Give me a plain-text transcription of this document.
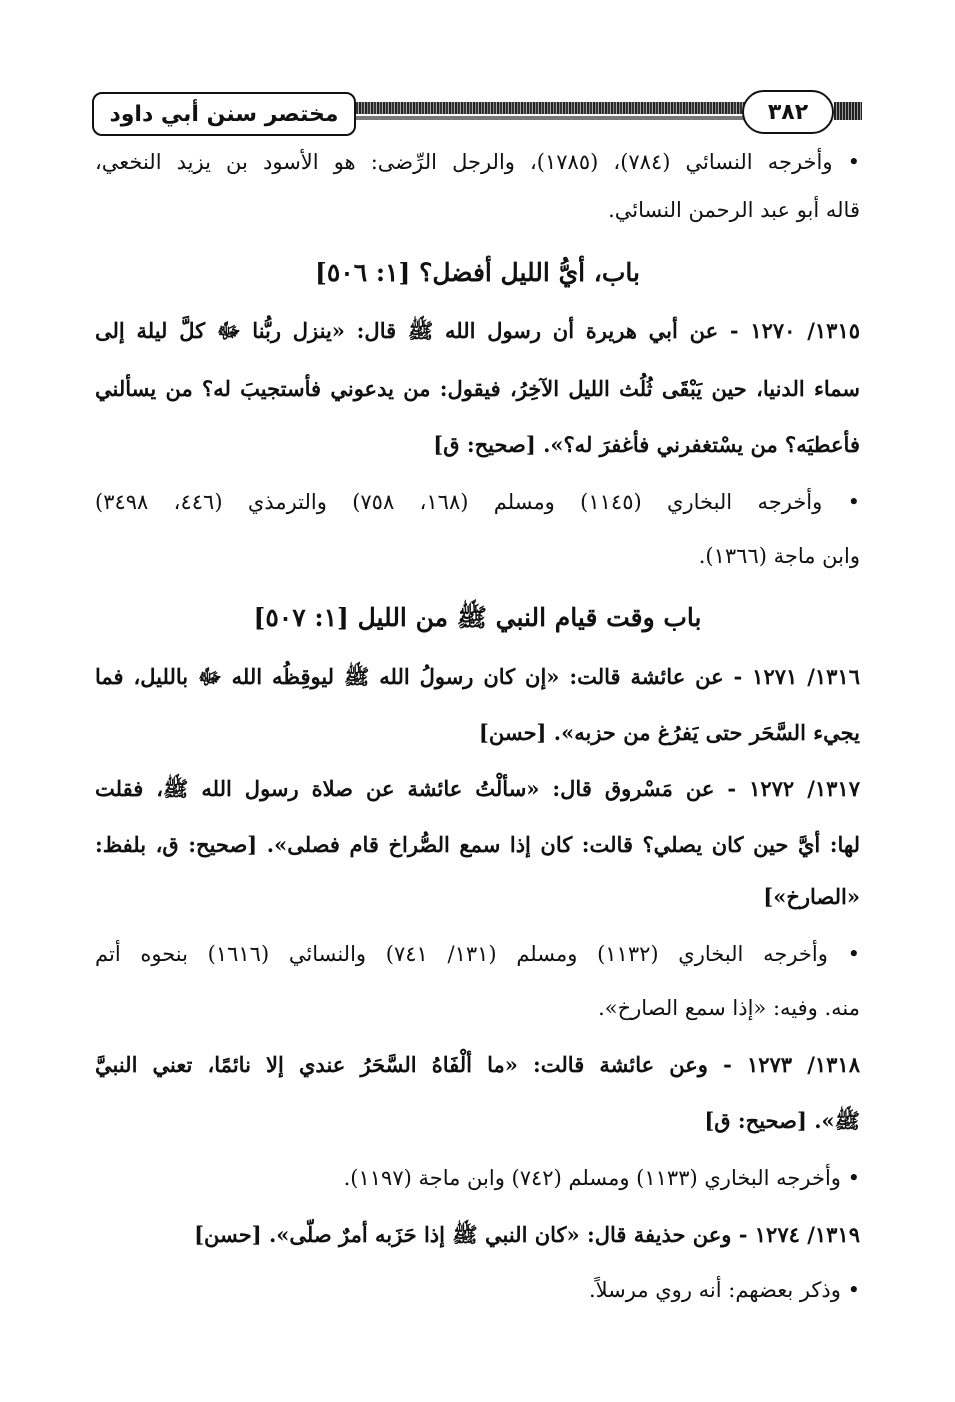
مختصر سنن أبي داود	٣٨٢
• وأخرجه النسائي (٧٨٤)، (١٧٨٥)، والرجل الرِّضى: هو الأسود بن يزيد النخعي،
قاله أبو عبد الرحمن النسائي.
باب، أيُّ الليل أفضل؟ [١: ٥٠٦]
١٣١٥/ ١٢٧٠ - عن أبي هريرة أن رسول الله ﷺ قال: «ينزل ربُّنا ﷻ كلَّ ليلة إلى
سماء الدنيا، حين يَبْقَى ثُلُث الليل الآخِرُ، فيقول: من يدعوني فأستجيبَ له؟ من يسألني
فأعطيَه؟ من يسْتغفرني فأغفرَ له؟». [صحيح: ق]
• وأخرجه البخاري (١١٤٥) ومسلم (١٦٨، ٧٥٨) والترمذي (٤٤٦، ٣٤٩٨)
وابن ماجة (١٣٦٦).
باب وقت قيام النبي ﷺ من الليل [١: ٥٠٧]
١٣١٦/ ١٢٧١ - عن عائشة قالت: «إن كان رسولُ الله ﷺ ليوقِظُه الله ﷻ بالليل، فما
يجيء السَّحَر حتى يَفرُغ من حزبه». [حسن]
١٣١٧/ ١٢٧٢ - عن مَسْروق قال: «سألْتُ عائشة عن صلاة رسول الله ﷺ، فقلت
لها: أيَّ حين كان يصلي؟ قالت: كان إذا سمع الصُّراخ قام فصلى». [صحيح: ق، بلفظ:
«الصارخ»]
• وأخرجه البخاري (١١٣٢) ومسلم (١٣١/ ٧٤١) والنسائي (١٦١٦) بنحوه أتم
منه. وفيه: «إذا سمع الصارخ».
١٣١٨/ ١٢٧٣ - وعن عائشة قالت: «ما ألْفَاهُ السَّحَرُ عندي إلا نائمًا، تعني النبيَّ
ﷺ». [صحيح: ق]
• وأخرجه البخاري (١١٣٣) ومسلم (٧٤٢) وابن ماجة (١١٩٧).
١٣١٩/ ١٢٧٤ - وعن حذيفة قال: «كان النبي ﷺ إذا حَزَبه أمرٌ صلّى». [حسن]
• وذكر بعضهم: أنه روي مرسلاً.
